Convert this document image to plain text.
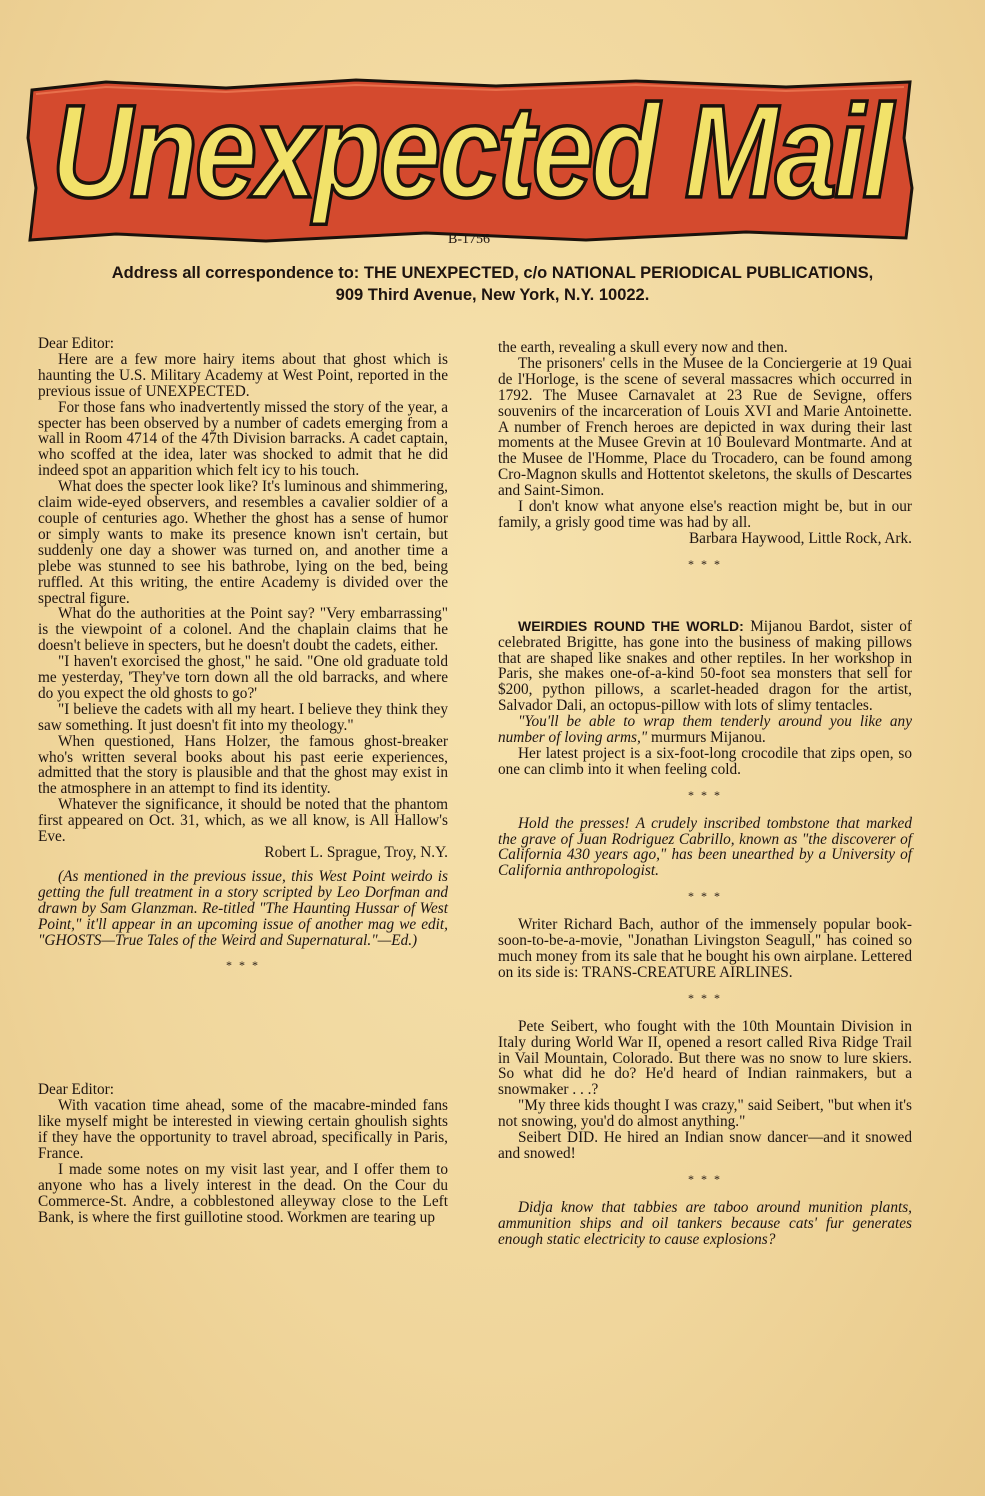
Unexpected Mail
B-1756
Address all correspondence to: THE UNEXPECTED, c/o NATIONAL PERIODICAL PUBLICATIONS,
909 Third Avenue, New York, N.Y. 10022.

Dear Editor:

Here are a few more hairy items about that ghost which is haunting the U.S. Military Academy at West Point, reported in the previous issue of UNEXPECTED.

For those fans who inadvertently missed the story of the year, a specter has been observed by a number of cadets emerging from a wall in Room 4714 of the 47th Division barracks. A cadet captain, who scoffed at the idea, later was shocked to admit that he did indeed spot an apparition which felt icy to his touch.

What does the specter look like? It's luminous and shimmering, claim wide-eyed observers, and resembles a cavalier soldier of a couple of centuries ago. Whether the ghost has a sense of humor or simply wants to make its presence known isn't certain, but suddenly one day a shower was turned on, and another time a plebe was stunned to see his bathrobe, lying on the bed, being ruffled. At this writing, the entire Academy is divided over the spectral figure.

What do the authorities at the Point say? "Very embarrassing" is the viewpoint of a colonel. And the chaplain claims that he doesn't believe in specters, but he doesn't doubt the cadets, either.

"I haven't exorcised the ghost," he said. "One old graduate told me yesterday, 'They've torn down all the old barracks, and where do you expect the old ghosts to go?'

"I believe the cadets with all my heart. I believe they think they saw something. It just doesn't fit into my theology."

When questioned, Hans Holzer, the famous ghost-breaker who's written several books about his past eerie experiences, admitted that the story is plausible and that the ghost may exist in the atmosphere in an attempt to find its identity.

Whatever the significance, it should be noted that the phantom first appeared on Oct. 31, which, as we all know, is All Hallow's Eve.

Robert L. Sprague, Troy, N.Y.

(As mentioned in the previous issue, this West Point weirdo is getting the full treatment in a story scripted by Leo Dorfman and drawn by Sam Glanzman. Re-titled "The Haunting Hussar of West Point," it'll appear in an upcoming issue of another mag we edit, "GHOSTS—True Tales of the Weird and Supernatural."—Ed.)

* * *

Dear Editor:

With vacation time ahead, some of the macabre-minded fans like myself might be interested in viewing certain ghoulish sights if they have the opportunity to travel abroad, specifically in Paris, France.

I made some notes on my visit last year, and I offer them to anyone who has a lively interest in the dead. On the Cour du Commerce-St. Andre, a cobblestoned alleyway close to the Left Bank, is where the first guillotine stood. Workmen are tearing up

the earth, revealing a skull every now and then.

The prisoners' cells in the Musee de la Conciergerie at 19 Quai de l'Horloge, is the scene of several massacres which occurred in 1792. The Musee Carnavalet at 23 Rue de Sevigne, offers souvenirs of the incarceration of Louis XVI and Marie Antoinette. A number of French heroes are depicted in wax during their last moments at the Musee Grevin at 10 Boulevard Montmarte. And at the Musee de l'Homme, Place du Trocadero, can be found among Cro-Magnon skulls and Hottentot skeletons, the skulls of Descartes and Saint-Simon.

I don't know what anyone else's reaction might be, but in our family, a grisly good time was had by all.

Barbara Haywood, Little Rock, Ark.

* * *

WEIRDIES ROUND THE WORLD: Mijanou Bardot, sister of celebrated Brigitte, has gone into the business of making pillows that are shaped like snakes and other reptiles. In her workshop in Paris, she makes one-of-a-kind 50-foot sea monsters that sell for $200, python pillows, a scarlet-headed dragon for the artist, Salvador Dali, an octopus-pillow with lots of slimy tentacles.

"You'll be able to wrap them tenderly around you like any number of loving arms," murmurs Mijanou.

Her latest project is a six-foot-long crocodile that zips open, so one can climb into it when feeling cold.

* * *

Hold the presses! A crudely inscribed tombstone that marked the grave of Juan Rodriguez Cabrillo, known as "the discoverer of California 430 years ago," has been unearthed by a University of California anthropologist.

* * *

Writer Richard Bach, author of the immensely popular book-soon-to-be-a-movie, "Jonathan Livingston Seagull," has coined so much money from its sale that he bought his own airplane. Lettered on its side is: TRANS-CREATURE AIRLINES.

* * *

Pete Seibert, who fought with the 10th Mountain Division in Italy during World War II, opened a resort called Riva Ridge Trail in Vail Mountain, Colorado. But there was no snow to lure skiers. So what did he do? He'd heard of Indian rainmakers, but a snowmaker . . .?

"My three kids thought I was crazy," said Seibert, "but when it's not snowing, you'd do almost anything."

Seibert DID. He hired an Indian snow dancer—and it snowed and snowed!

* * *

Didja know that tabbies are taboo around munition plants, ammunition ships and oil tankers because cats' fur generates enough static electricity to cause explosions?
